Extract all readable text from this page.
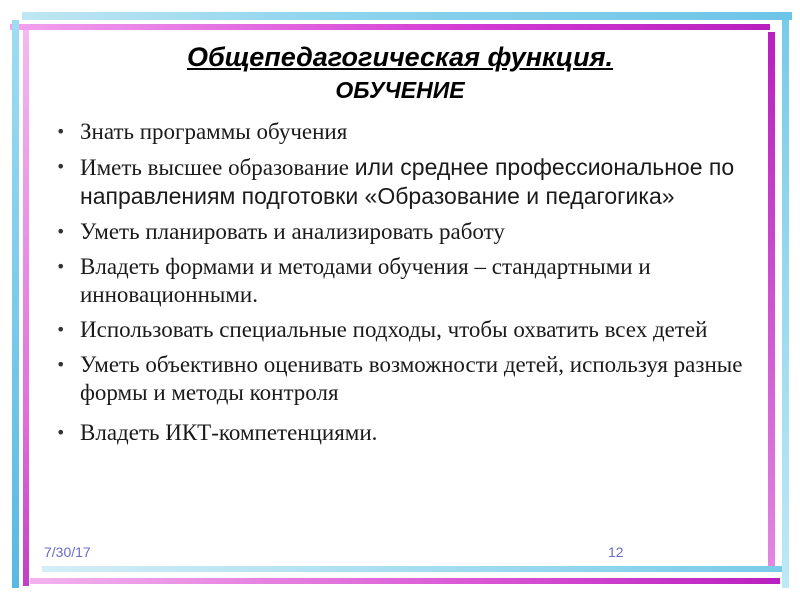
Общепедагогическая функция.
ОБУЧЕНИЕ
• Знать программы обучения
• Иметь высшее образование или среднее профессиональное по направлениям подготовки «Образование и педагогика»
• Уметь планировать и анализировать работу
• Владеть формами и методами обучения – стандартными и инновационными.
• Использовать специальные подходы, чтобы охватить всех детей
• Уметь объективно оценивать возможности детей, используя разные формы и методы контроля
• Владеть ИКТ-компетенциями.
7/30/17	12
